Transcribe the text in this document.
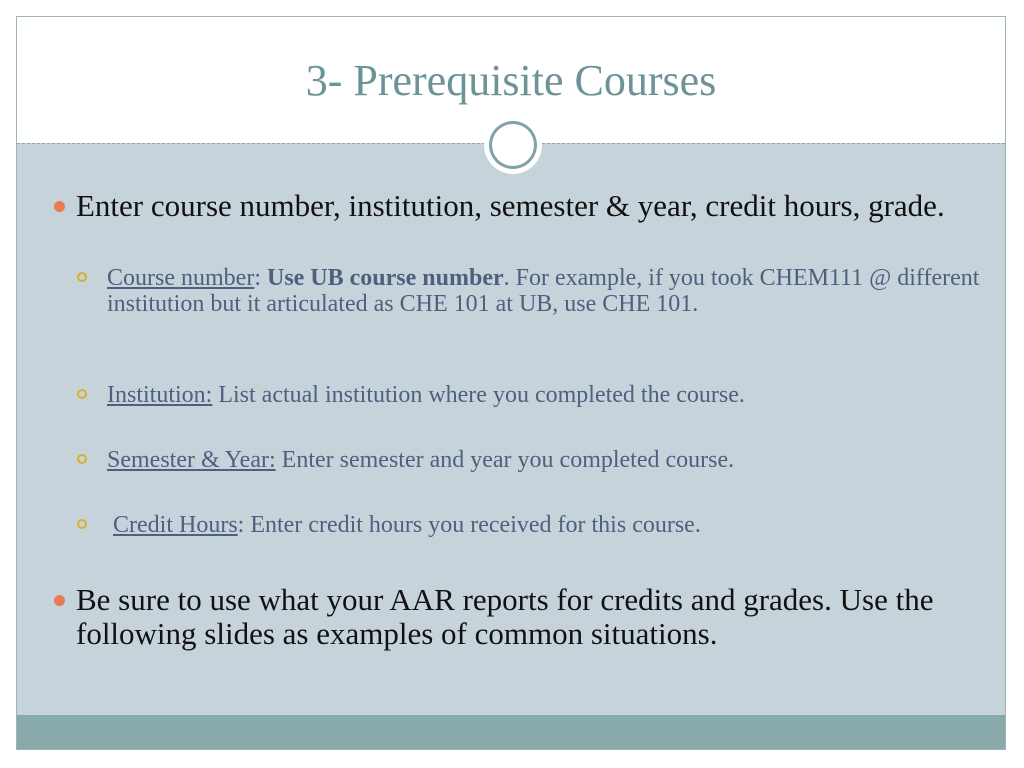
3- Prerequisite Courses
Enter course number, institution, semester & year, credit hours, grade.
Course number: Use UB course number. For example, if you took CHEM111 @ different institution but it articulated as CHE 101 at UB, use CHE 101.
Institution: List actual institution where you completed the course.
Semester & Year: Enter semester and year you completed course.
Credit Hours: Enter credit hours you received for this course.
Be sure to use what your AAR reports for credits and grades. Use the following slides as examples of common situations.
